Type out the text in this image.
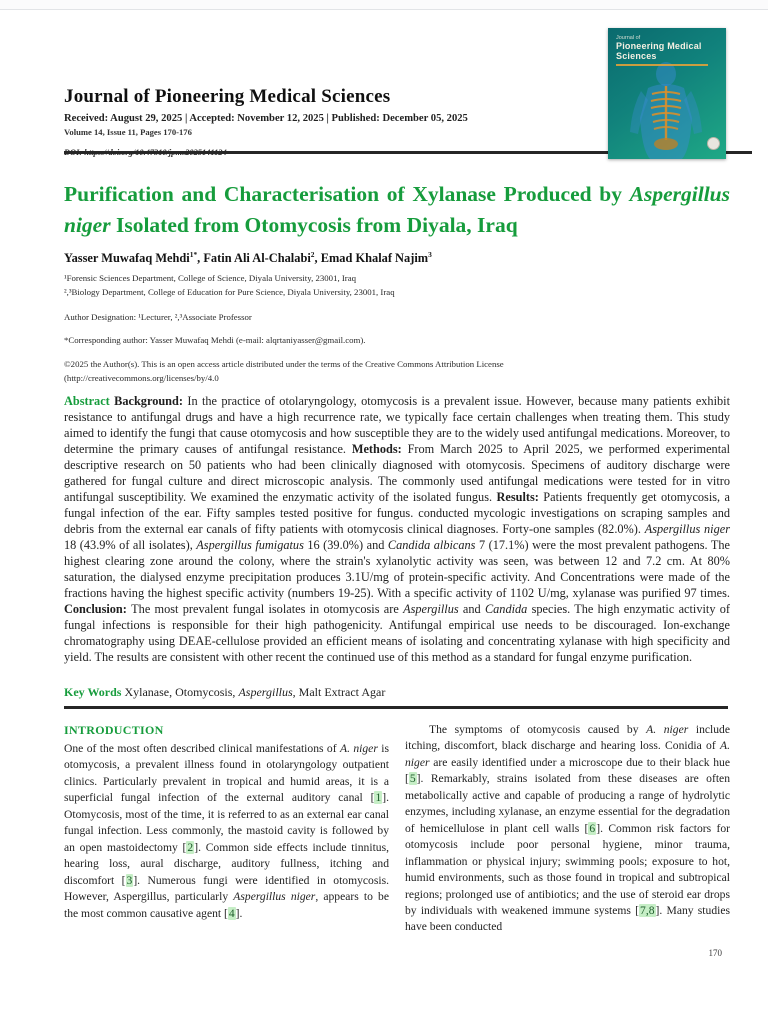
Journal of Pioneering Medical Sciences
Received: August 29, 2025 | Accepted: November 12, 2025 | Published: December 05, 2025
Volume 14, Issue 11, Pages 170-176
Journal of
Pioneering Medical
Sciences
Purification and Characterisation of Xylanase Produced by Aspergillus niger Isolated from Otomycosis from Diyala, Iraq
Yasser Muwafaq Mehdi$^{1*}$, Fatin Ali Al-Chalabi$^2$, Emad Khalaf Najim$^3$
¹Forensic Sciences Department, College of Science, Diyala University, 23001, Iraq
²,³Biology Department, College of Education for Pure Science, Diyala University, 23001, Iraq
Author Designation: ¹Lecturer, ²,³Associate Professor
*Corresponding author: Yasser Muwafaq Mehdi (e-mail: alqrtaniyasser@gmail.com).
©2025 the Author(s). This is an open access article distributed under the terms of the Creative Commons Attribution License (http://creativecommons.org/licenses/by/4.0

Abstract Background: In the practice of otolaryngology, otomycosis is a prevalent issue. However, because many patients exhibit resistance to antifungal drugs and have a high recurrence rate, we typically face certain challenges when treating them. This study aimed to identify the fungi that cause otomycosis and how susceptible they are to the widely used antifungal medications. Moreover, to determine the primary causes of antifungal resistance. Methods: From March 2025 to April 2025, we performed experimental descriptive research on 50 patients who had been clinically diagnosed with otomycosis. Specimens of auditory discharge were gathered for fungal culture and direct microscopic analysis. The commonly used antifungal medications were tested for in vitro antifungal susceptibility. We examined the enzymatic activity of the isolated fungus. Results: Patients frequently get otomycosis, a fungal infection of the ear. Fifty samples tested positive for fungus. conducted mycologic investigations on scraping samples and debris from the external ear canals of fifty patients with otomycosis clinical diagnoses. Forty-one samples (82.0%). Aspergillus niger 18 (43.9% of all isolates), Aspergillus fumigatus 16 (39.0%) and Candida albicans 7 (17.1%) were the most prevalent pathogens. The highest clearing zone around the colony, where the strain's xylanolytic activity was seen, was between 12 and 7.2 cm. At 80% saturation, the dialysed enzyme precipitation produces 3.1U/mg of protein-specific activity. And Concentrations were made of the fractions having the highest specific activity (numbers 19-25). With a specific activity of 1102 U/mg, xylanase was purified 97 times. Conclusion: The most prevalent fungal isolates in otomycosis are Aspergillus and Candida species. The high enzymatic activity of fungal infections is responsible for their high pathogenicity. Antifungal empirical use needs to be discouraged. Ion-exchange chromatography using DEAE-cellulose provided an efficient means of isolating and concentrating xylanase with high specificity and yield. The results are consistent with other recent the continued use of this method as a standard for fungal enzyme purification.

Key Words Xylanase, Otomycosis, Aspergillus, Malt Extract Agar

INTRODUCTION

One of the most often described clinical manifestations of A. niger is otomycosis, a prevalent illness found in otolaryngology outpatient clinics. Particularly prevalent in tropical and humid areas, it is a superficial fungal infection of the external auditory canal [1]. Otomycosis, most of the time, it is referred to as an external ear canal fungal infection. Less commonly, the mastoid cavity is followed by an open mastoidectomy [2]. Common side effects include tinnitus, hearing loss, aural discharge, auditory fullness, itching and discomfort [3]. Numerous fungi were identified in otomycosis. However, Aspergillus, particularly Aspergillus niger, appears to be the most common causative agent [4].

The symptoms of otomycosis caused by A. niger include itching, discomfort, black discharge and hearing loss. Conidia of A. niger are easily identified under a microscope due to their black hue [5]. Remarkably, strains isolated from these diseases are often metabolically active and capable of producing a range of hydrolytic enzymes, including xylanase, an enzyme essential for the degradation of hemicellulose in plant cell walls [6]. Common risk factors for otomycosis include poor personal hygiene, minor trauma, inflammation or physical injury; swimming pools; exposure to hot, humid environments, such as those found in tropical and subtropical regions; prolonged use of antibiotics; and the use of steroid ear drops by individuals with weakened immune systems [7,8]. Many studies have been conducted

170
